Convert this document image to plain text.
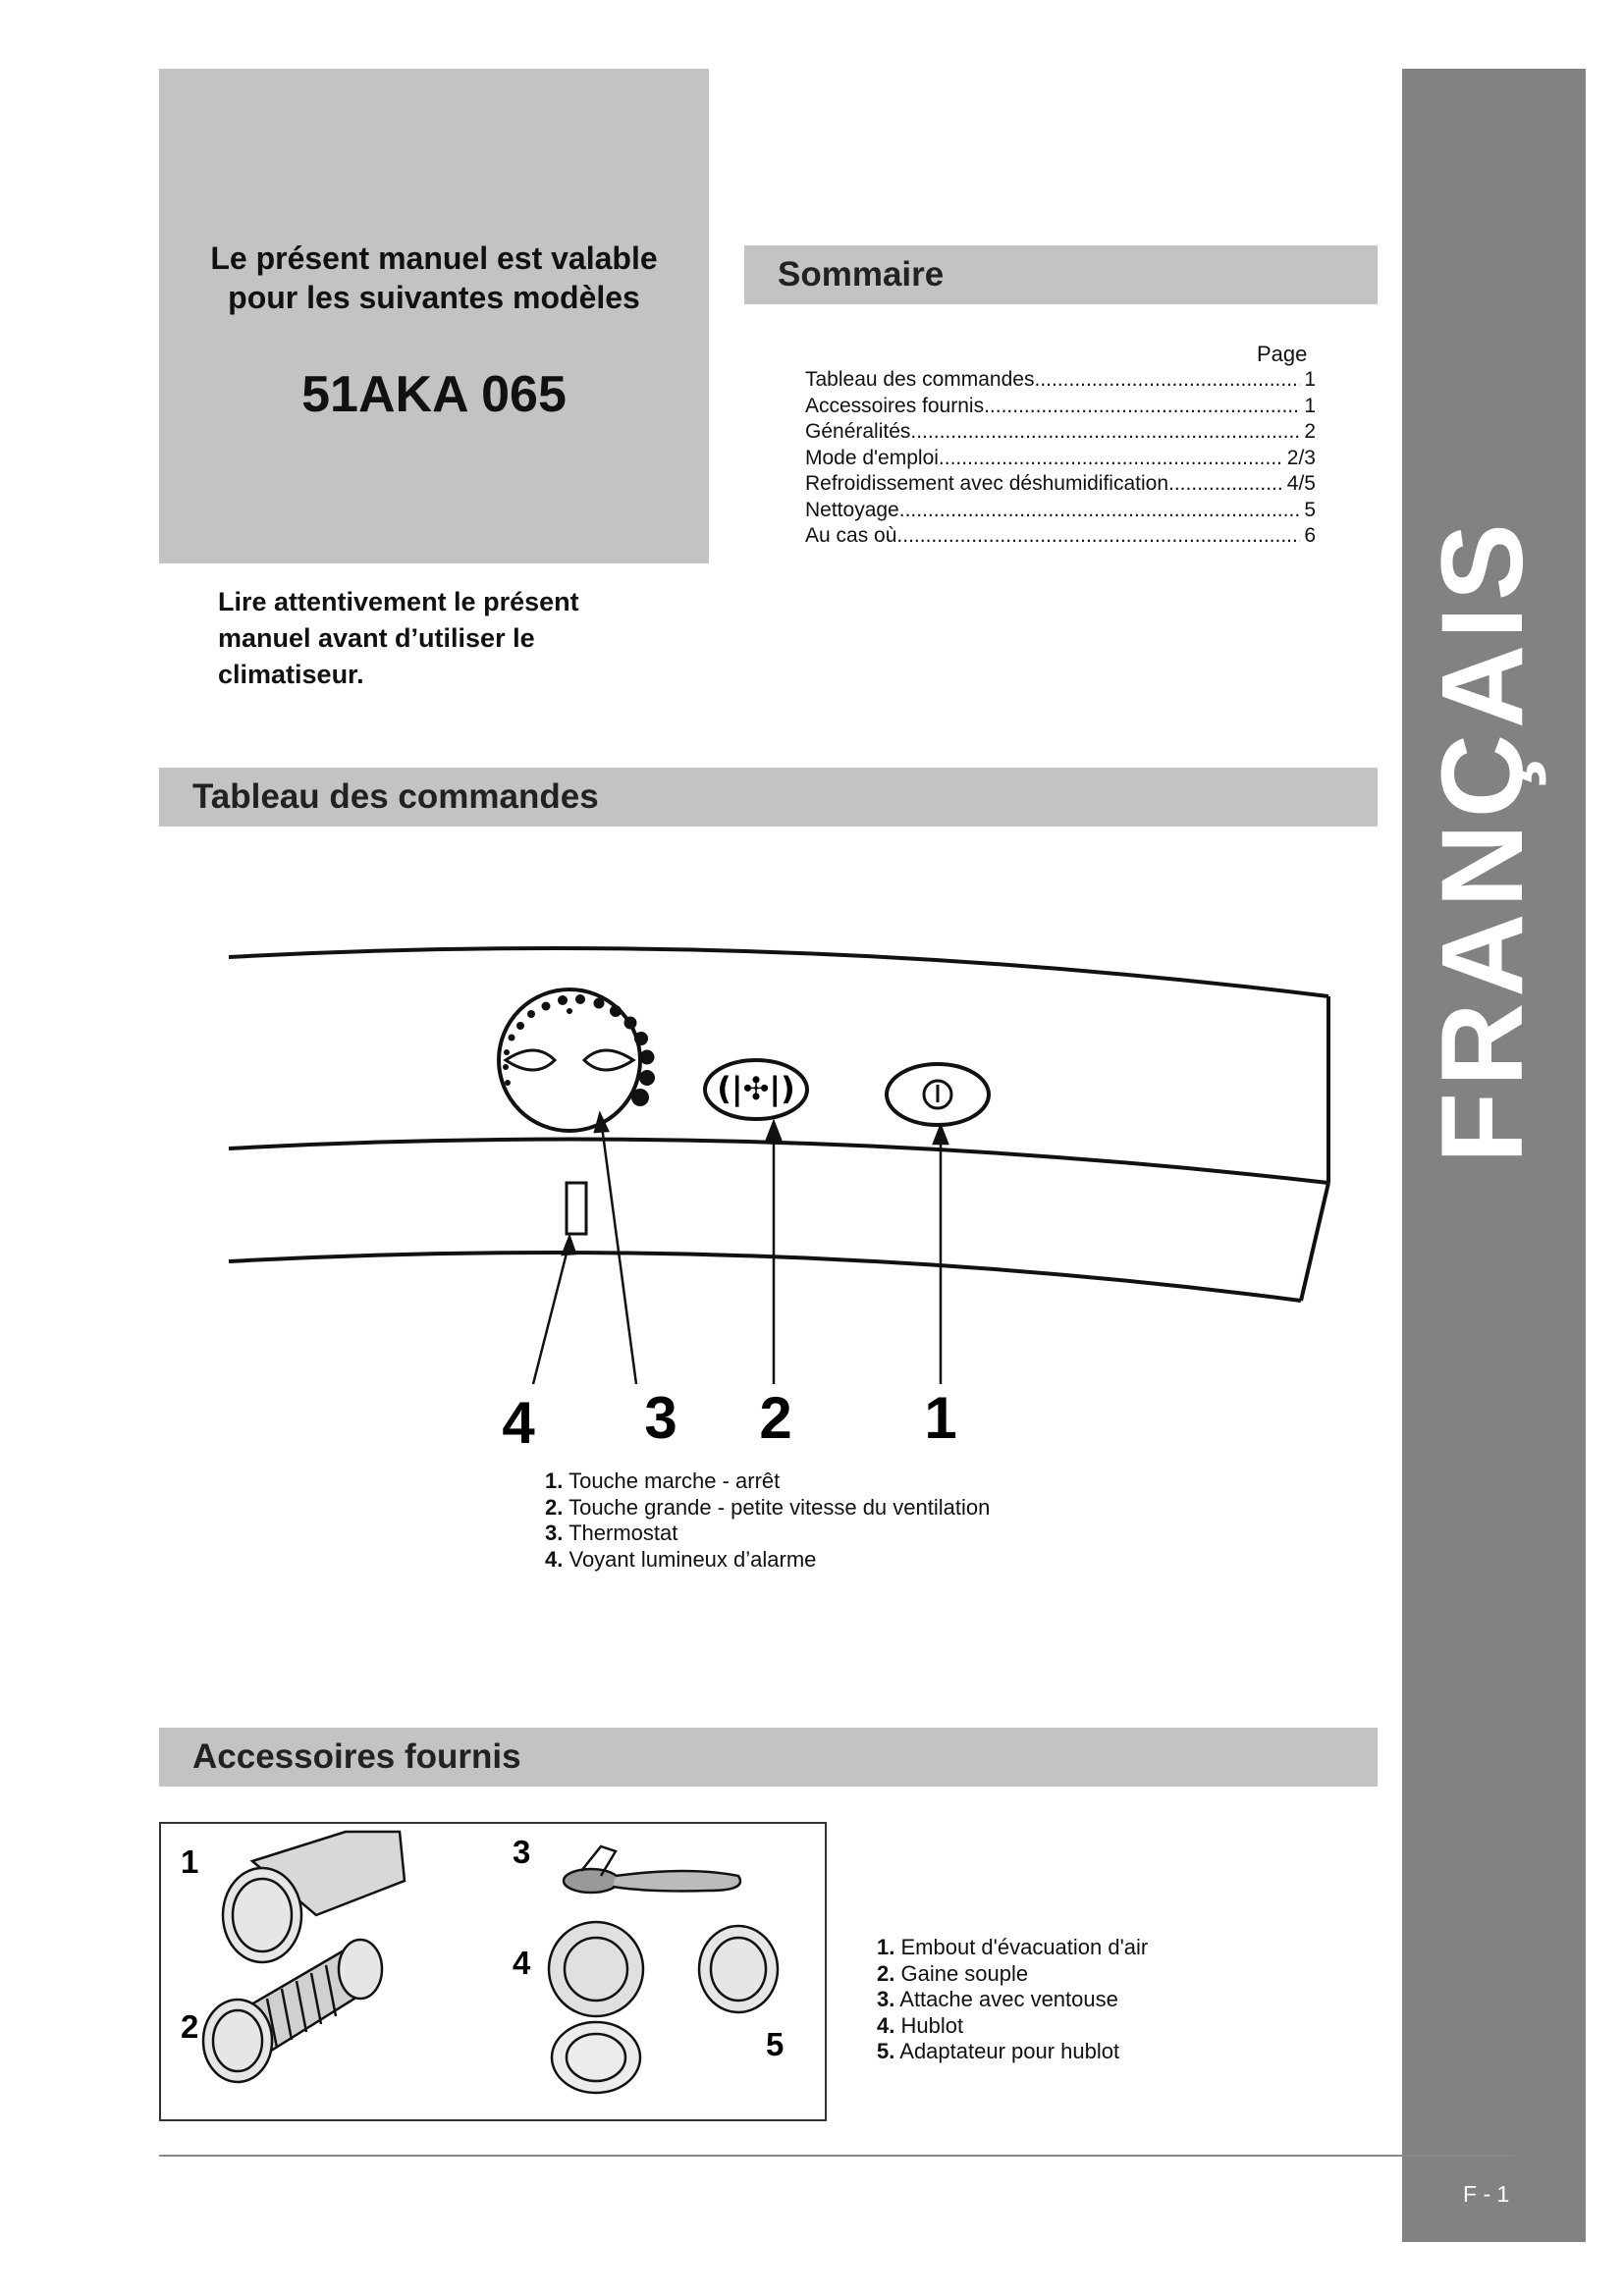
Le présent manuel est valable
pour les suivantes modèles
51AKA 065
Lire attentivement le présent
manuel avant d’utiliser le
climatiseur.
Sommaire
Page
Tableau des commandes .....	1
Accessoires fournis .....	1
Généralités .....	2
Mode d'emploi .....	2/3
Refroidissement avec déshumidification .....	4/5
Nettoyage .....	5
Au cas où .....	6
Tableau des commandes
(|✣|)
4 3 2 1
1. Touche marche - arrêt
2. Touche grande - petite vitesse du ventilation
3. Thermostat
4. Voyant lumineux d’alarme
Accessoires fournis
1
2
3
4
5
1. Embout d'évacuation d'air
2. Gaine souple
3. Attache avec ventouse
4. Hublot
5. Adaptateur pour hublot
FRANÇAIS
F - 1
